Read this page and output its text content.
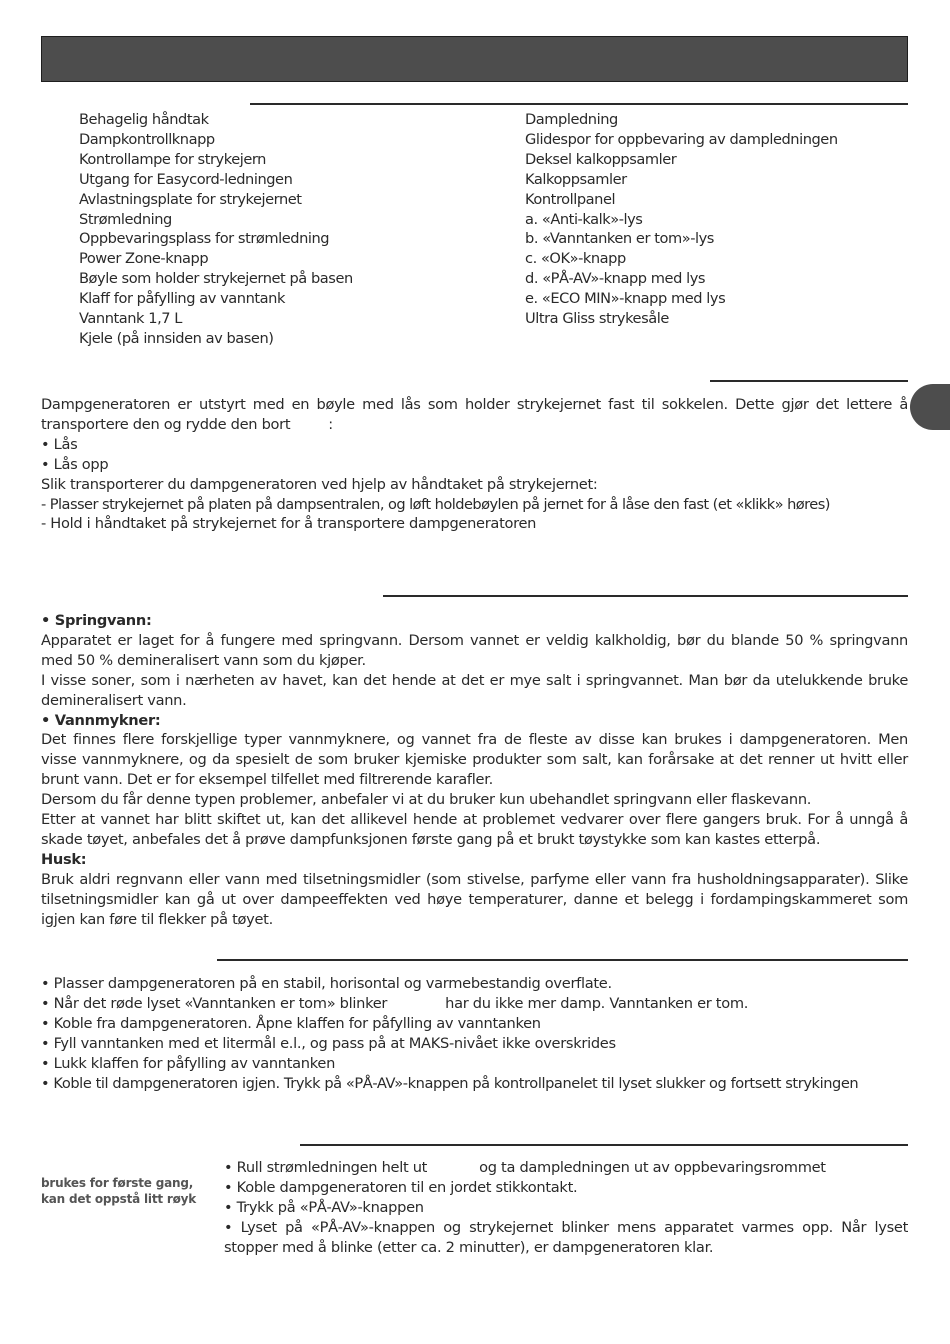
Behagelig håndtak
Dampkontrollknapp
Kontrollampe for strykejern
Utgang for Easycord-ledningen
Avlastningsplate for strykejernet
Strømledning
Oppbevaringsplass for strømledning
Power Zone-knapp
Bøyle som holder strykejernet på basen
Klaff for påfylling av vanntank
Vanntank 1,7 L
Kjele (på innsiden av basen)
Dampledning
Glidespor for oppbevaring av dampledningen
Deksel kalkoppsamler
Kalkoppsamler
Kontrollpanel
a. «Anti-kalk»-lys
b. «Vanntanken er tom»-lys
c. «OK»-knapp
d. «PÅ-AV»-knapp med lys
e. «ECO MIN»-knapp med lys
Ultra Gliss strykesåle
Dampgeneratoren er utstyrt med en bøyle med lås som holder strykejernet fast til sokkelen. Dette gjør det lettere å
transportere den og rydde den bort	:
• Lås
• Lås opp
Slik transporterer du dampgeneratoren ved hjelp av håndtaket på strykejernet:
- Plasser strykejernet på platen på dampsentralen, og løft holdebøylen på jernet for å låse den fast (et «klikk» høres)
- Hold i håndtaket på strykejernet for å transportere dampgeneratoren
• Springvann:
Apparatet er laget for å fungere med springvann. Dersom vannet er veldig kalkholdig, bør du blande 50 % springvann
med 50 % demineralisert vann som du kjøper.
I visse soner, som i nærheten av havet, kan det hende at det er mye salt i springvannet. Man bør da utelukkende bruke
demineralisert vann.
• Vannmykner:
Det finnes flere forskjellige typer vannmyknere, og vannet fra de fleste av disse kan brukes i dampgeneratoren. Men
visse vannmyknere, og da spesielt de som bruker kjemiske produkter som salt, kan forårsake at det renner ut hvitt eller
brunt vann. Det er for eksempel tilfellet med filtrerende karafler.
Dersom du får denne typen problemer, anbefaler vi at du bruker kun ubehandlet springvann eller flaskevann.
Etter at vannet har blitt skiftet ut, kan det allikevel hende at problemet vedvarer over flere gangers bruk. For å unngå å
skade tøyet, anbefales det å prøve dampfunksjonen første gang på et brukt tøystykke som kan kastes etterpå.
Husk:
Bruk aldri regnvann eller vann med tilsetningsmidler (som stivelse, parfyme eller vann fra husholdningsapparater). Slike
tilsetningsmidler kan gå ut over dampeeffekten ved høye temperaturer, danne et belegg i fordampingskammeret som
igjen kan føre til flekker på tøyet.
• Plasser dampgeneratoren på en stabil, horisontal og varmebestandig overflate.
• Når det røde lyset «Vanntanken er tom» blinker	har du ikke mer damp. Vanntanken er tom.
• Koble fra dampgeneratoren. Åpne klaffen for påfylling av vanntanken
• Fyll vanntanken med et litermål e.l., og pass på at MAKS-nivået ikke overskrides
• Lukk klaffen for påfylling av vanntanken
• Koble til dampgeneratoren igjen. Trykk på «PÅ-AV»-knappen på kontrollpanelet til lyset slukker og fortsett strykingen
brukes for første gang,
kan det oppstå litt røyk
• Rull strømledningen helt ut	og ta dampledningen ut av oppbevaringsrommet
• Koble dampgeneratoren til en jordet stikkontakt.
• Trykk på «PÅ-AV»-knappen
• Lyset på «PÅ-AV»-knappen og strykejernet blinker mens apparatet varmes opp. Når lyset
stopper med å blinke (etter ca. 2 minutter), er dampgeneratoren klar.
